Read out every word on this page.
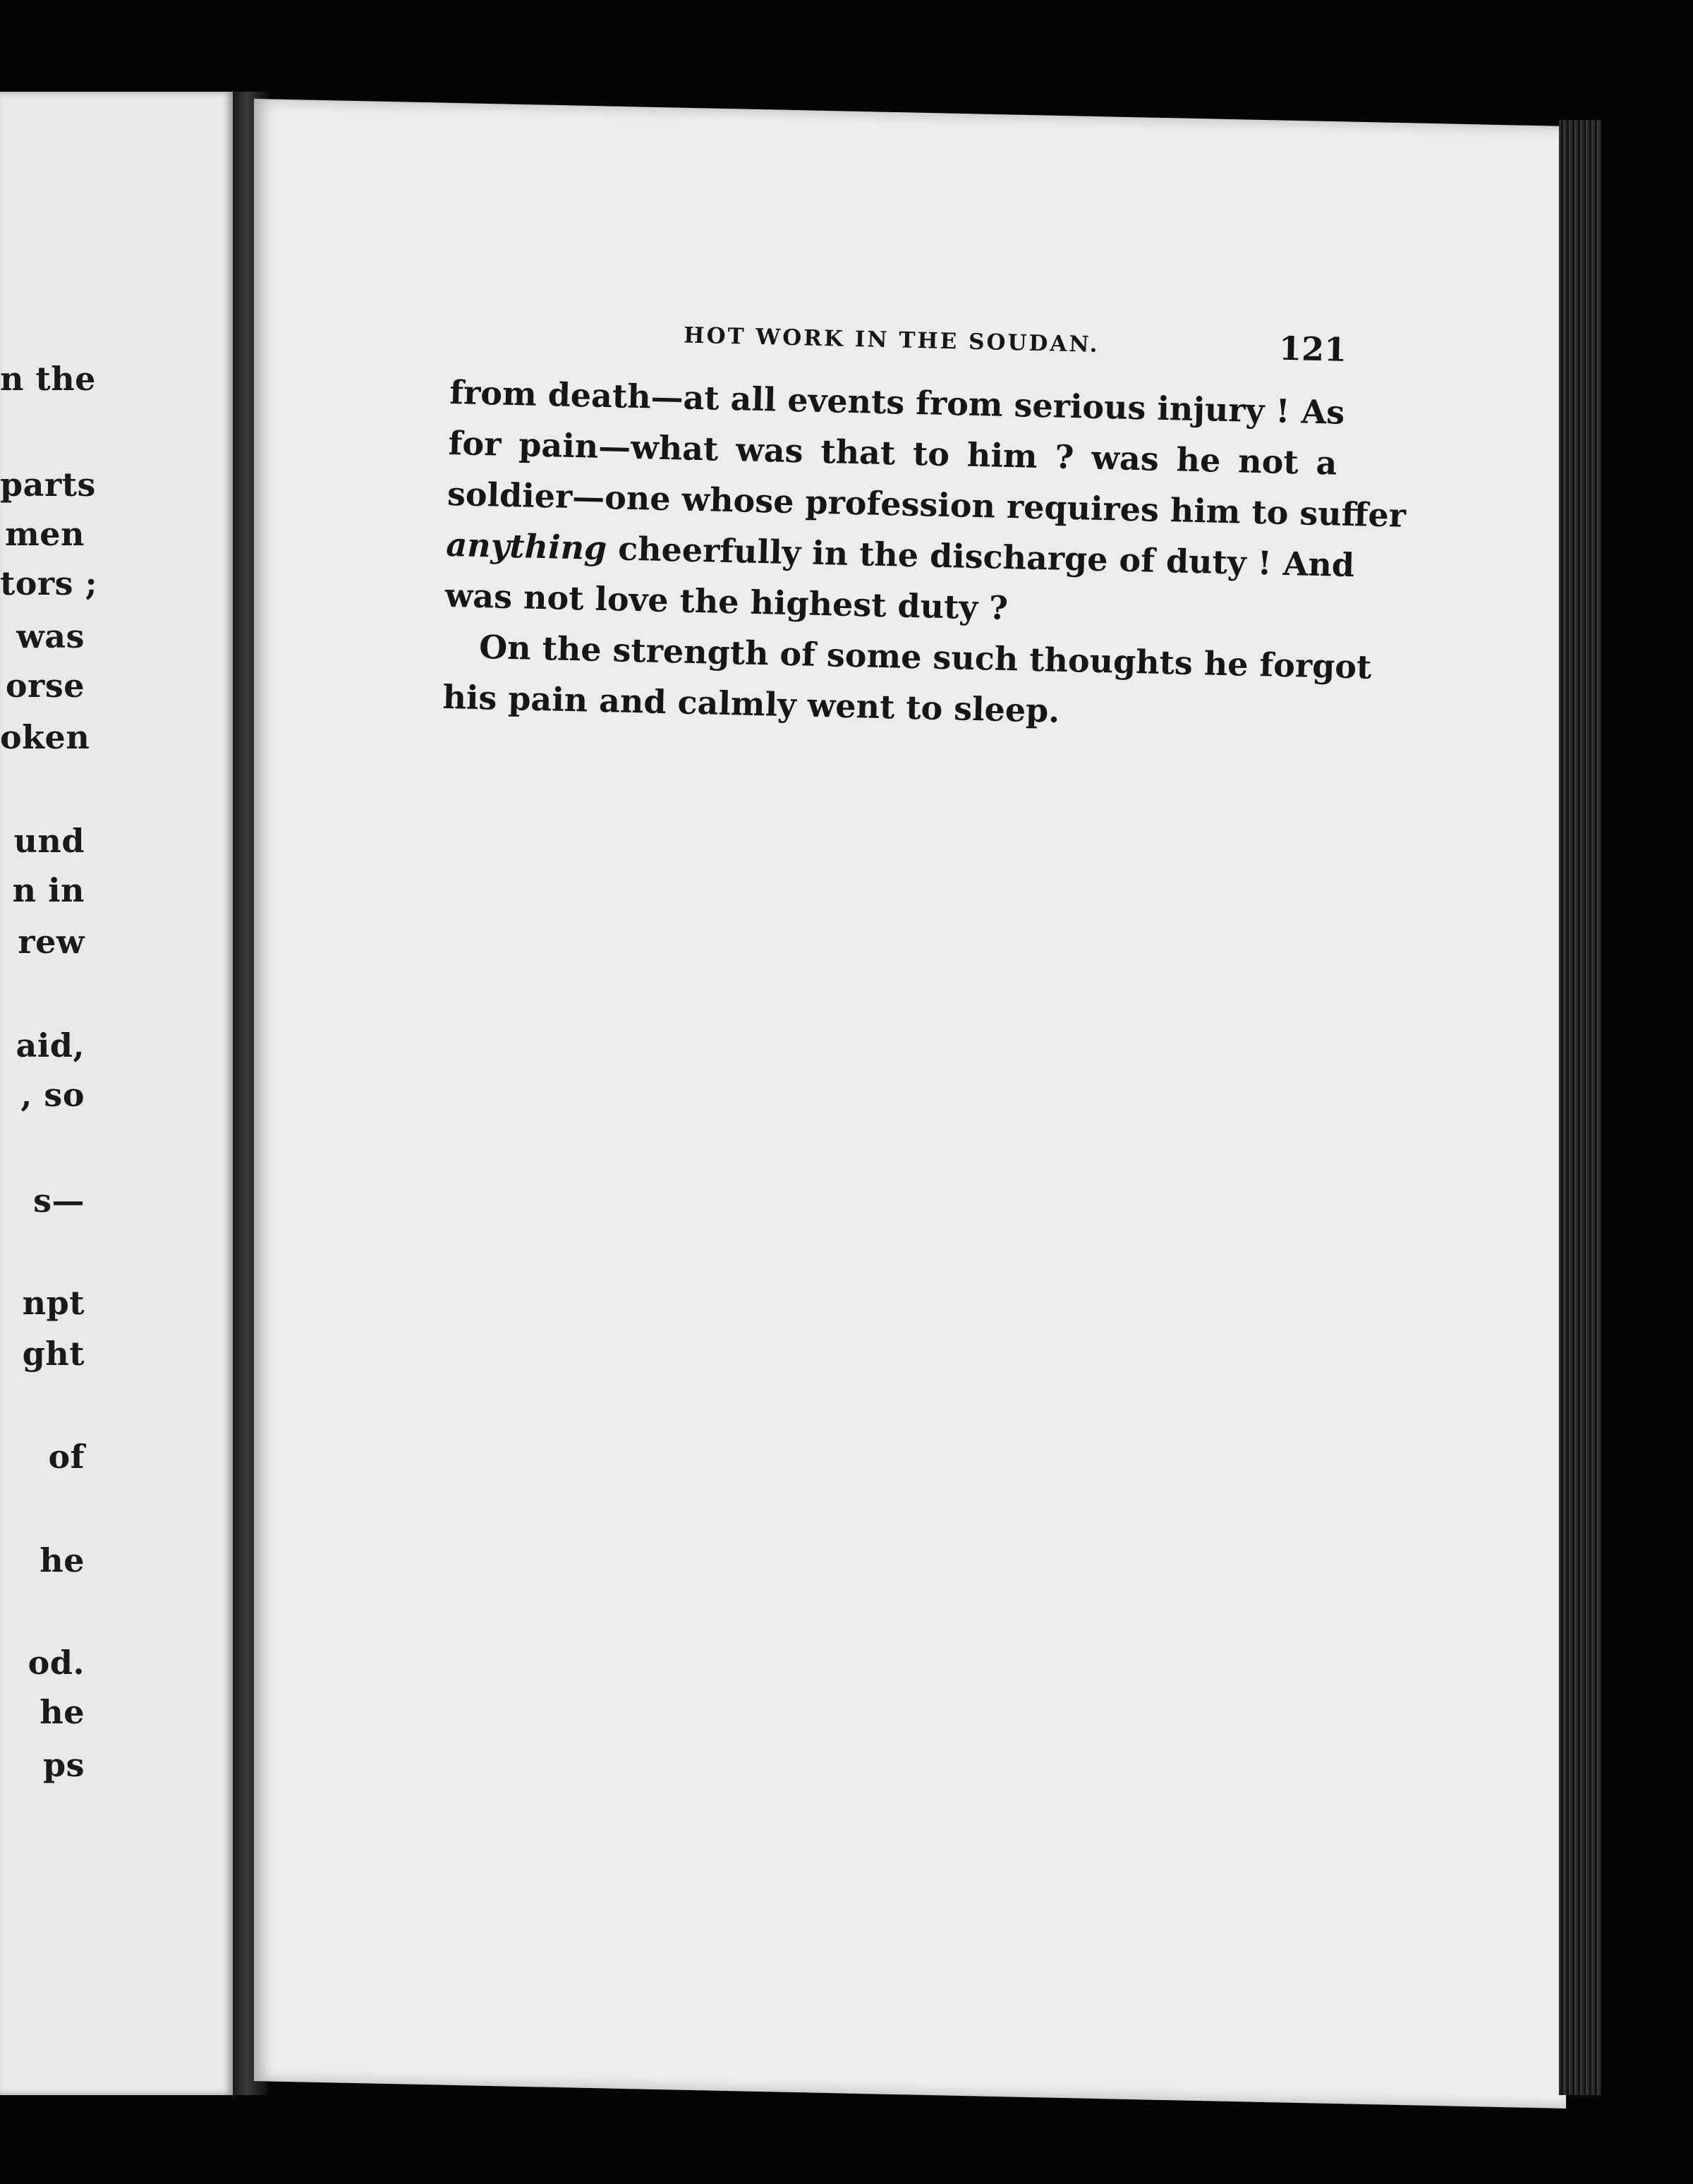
n the
parts
men
tors ;
was
orse
oken
und
n in
rew
aid,
, so
s—
npt
ght
of
he
od.
he
ps
HOT WORK IN THE SOUDAN.	121
from death—at all events from serious injury ! As
for pain—what was that to him ? was he not a
soldier—one whose profession requires him to suffer
anything cheerfully in the discharge of duty ! And
was not love the highest duty ?
On the strength of some such thoughts he forgot
his pain and calmly went to sleep.
